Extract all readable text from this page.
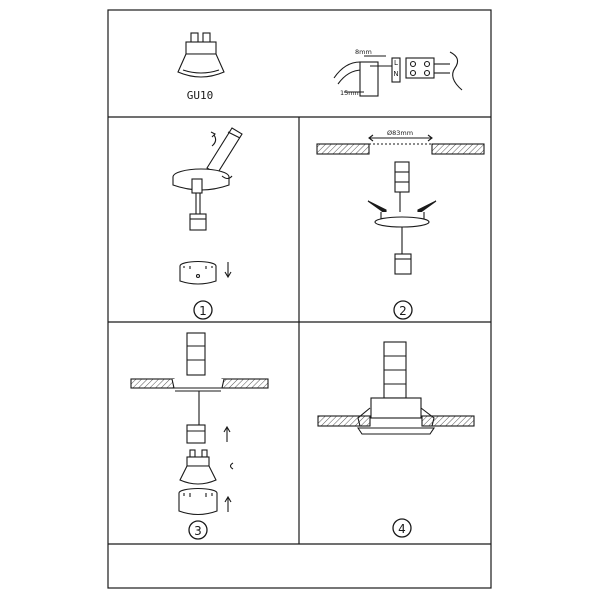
GU10
8mm
15mm
L
N
1
Ø83mm
2
3	4
